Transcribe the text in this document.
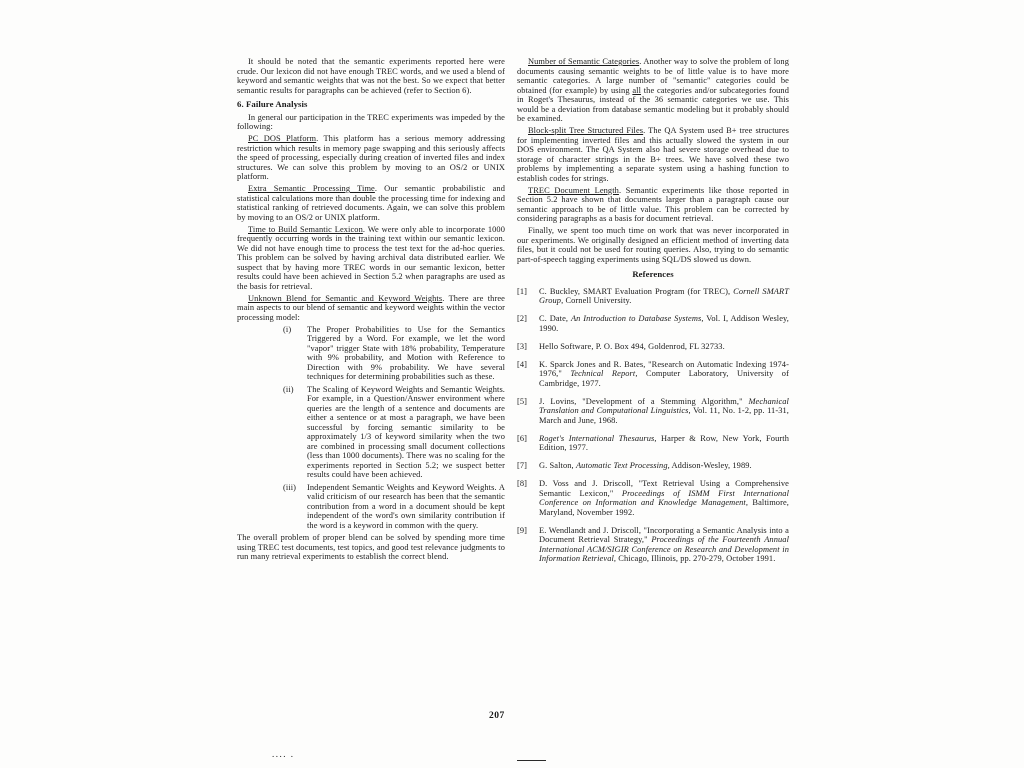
It should be noted that the semantic experiments reported here were crude. Our lexicon did not have enough TREC words, and we used a blend of keyword and semantic weights that was not the best. So we expect that better semantic results for paragraphs can be achieved (refer to Section 6).
6. Failure Analysis
In general our participation in the TREC experiments was impeded by the following:
PC DOS Platform. This platform has a serious memory addressing restriction which results in memory page swapping and this seriously affects the speed of processing, especially during creation of inverted files and index structures. We can solve this problem by moving to an OS/2 or UNIX platform.
Extra Semantic Processing Time. Our semantic probabilistic and statistical calculations more than double the processing time for indexing and statistical ranking of retrieved documents. Again, we can solve this problem by moving to an OS/2 or UNIX platform.
Time to Build Semantic Lexicon. We were only able to incorporate 1000 frequently occurring words in the training text within our semantic lexicon. We did not have enough time to process the test text for the ad-hoc queries. This problem can be solved by having archival data distributed earlier. We suspect that by having more TREC words in our semantic lexicon, better results could have been achieved in Section 5.2 when paragraphs are used as the basis for retrieval.
Unknown Blend for Semantic and Keyword Weights. There are three main aspects to our blend of semantic and keyword weights within the vector processing model:
(i)	The Proper Probabilities to Use for the Semantics Triggered by a Word. For example, we let the word "vapor" trigger State with 18% probability, Temperature with 9% probability, and Motion with Reference to Direction with 9% probability. We have several techniques for determining probabilities such as these.
(ii)	The Scaling of Keyword Weights and Semantic Weights. For example, in a Question/Answer environment where queries are the length of a sentence and documents are either a sentence or at most a paragraph, we have been successful by forcing semantic similarity to be approximately 1/3 of keyword similarity when the two are combined in processing small document collections (less than 1000 documents). There was no scaling for the experiments reported in Section 5.2; we suspect better results could have been achieved.
(iii)	Independent Semantic Weights and Keyword Weights. A valid criticism of our research has been that the semantic contribution from a word in a document should be kept independent of the word's own similarity contribution if the word is a keyword in common with the query.
The overall problem of proper blend can be solved by spending more time using TREC test documents, test topics, and good test relevance judgments to run many retrieval experiments to establish the correct blend.
Number of Semantic Categories. Another way to solve the problem of long documents causing semantic weights to be of little value is to have more semantic categories. A large number of "semantic" categories could be obtained (for example) by using all the categories and/or subcategories found in Roget's Thesaurus, instead of the 36 semantic categories we use. This would be a deviation from database semantic modeling but it probably should be examined.
Block-split Tree Structured Files. The QA System used B+ tree structures for implementing inverted files and this actually slowed the system in our DOS environment. The QA System also had severe storage overhead due to storage of character strings in the B+ trees. We have solved these two problems by implementing a separate system using a hashing function to establish codes for strings.
TREC Document Length. Semantic experiments like those reported in Section 5.2 have shown that documents larger than a paragraph cause our semantic approach to be of little value. This problem can be corrected by considering paragraphs as a basis for document retrieval.
Finally, we spent too much time on work that was never incorporated in our experiments. We originally designed an efficient method of inverting data files, but it could not be used for routing queries. Also, trying to do semantic part-of-speech tagging experiments using SQL/DS slowed us down.
References
[1]	C. Buckley, SMART Evaluation Program (for TREC), Cornell SMART Group, Cornell University.
[2]	C. Date, An Introduction to Database Systems, Vol. I, Addison Wesley, 1990.
[3]	Hello Software, P. O. Box 494, Goldenrod, FL 32733.
[4]	K. Sparck Jones and R. Bates, "Research on Automatic Indexing 1974-1976," Technical Report, Computer Laboratory, University of Cambridge, 1977.
[5]	J. Lovins, "Development of a Stemming Algorithm," Mechanical Translation and Computational Linguistics, Vol. 11, No. 1-2, pp. 11-31, March and June, 1968.
[6]	Roget's International Thesaurus, Harper & Row, New York, Fourth Edition, 1977.
[7]	G. Salton, Automatic Text Processing, Addison-Wesley, 1989.
[8]	D. Voss and J. Driscoll, "Text Retrieval Using a Comprehensive Semantic Lexicon," Proceedings of ISMM First International Conference on Information and Knowledge Management, Baltimore, Maryland, November 1992.
[9]	E. Wendlandt and J. Driscoll, "Incorporating a Semantic Analysis into a Document Retrieval Strategy," Proceedings of the Fourteenth Annual International ACM/SIGIR Conference on Research and Development in Information Retrieval, Chicago, Illinois, pp. 270-279, October 1991.
207
.... .
